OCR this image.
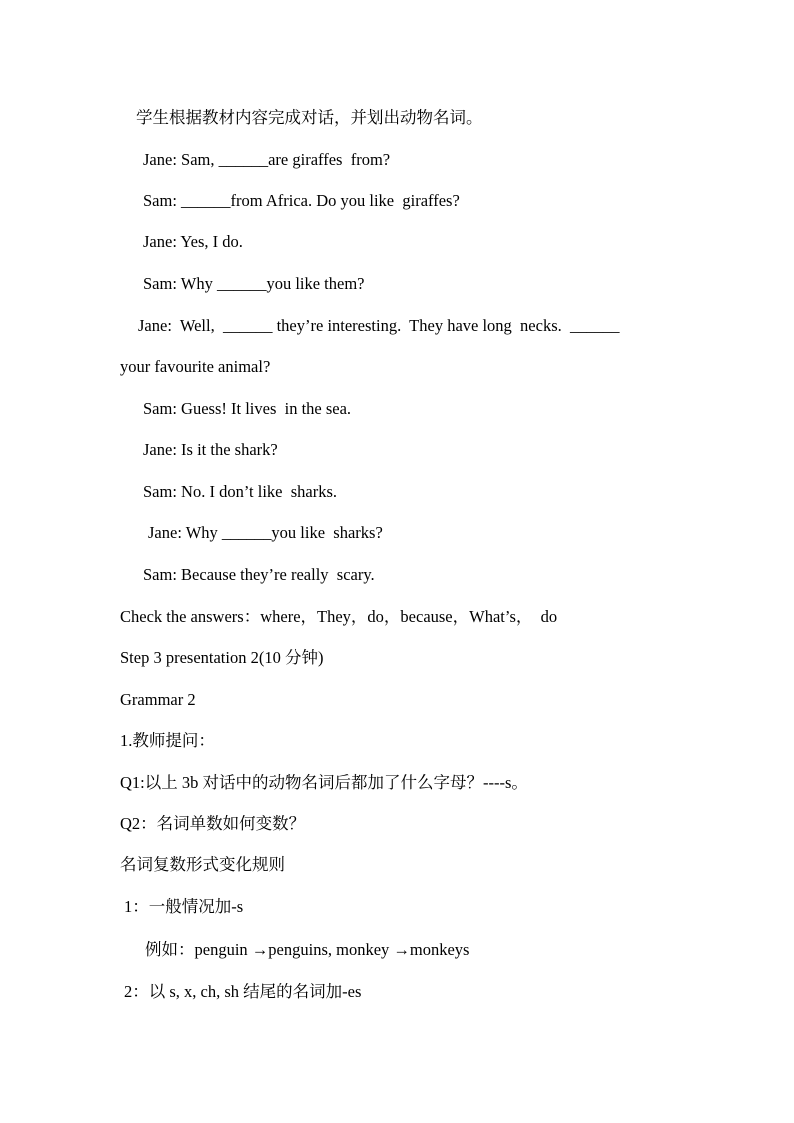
学生根据教材内容完成对话，并划出动物名词。
Jane: Sam, ______are giraffes  from?
Sam: ______from Africa. Do you like  giraffes?
Jane: Yes, I do.
Sam: Why ______you like them?
Jane:  Well,  ______ they’re interesting.  They have long  necks.  ______
your favourite animal?
Sam: Guess! It lives  in the sea.
Jane: Is it the shark?
Sam: No. I don’t like  sharks.
Jane: Why ______you like  sharks?
Sam: Because they’re really  scary.
Check the answers：where，They，do，because，What’s，  do
Step 3 presentation 2(10 分钟)
Grammar 2
1.教师提问：
Q1:以上 3b 对话中的动物名词后都加了什么字母？----s。
Q2：名词单数如何变数？
名词复数形式变化规则
1：一般情况加-s
例如：penguin →penguins, monkey →monkeys
2：以 s, x, ch, sh 结尾的名词加-es
